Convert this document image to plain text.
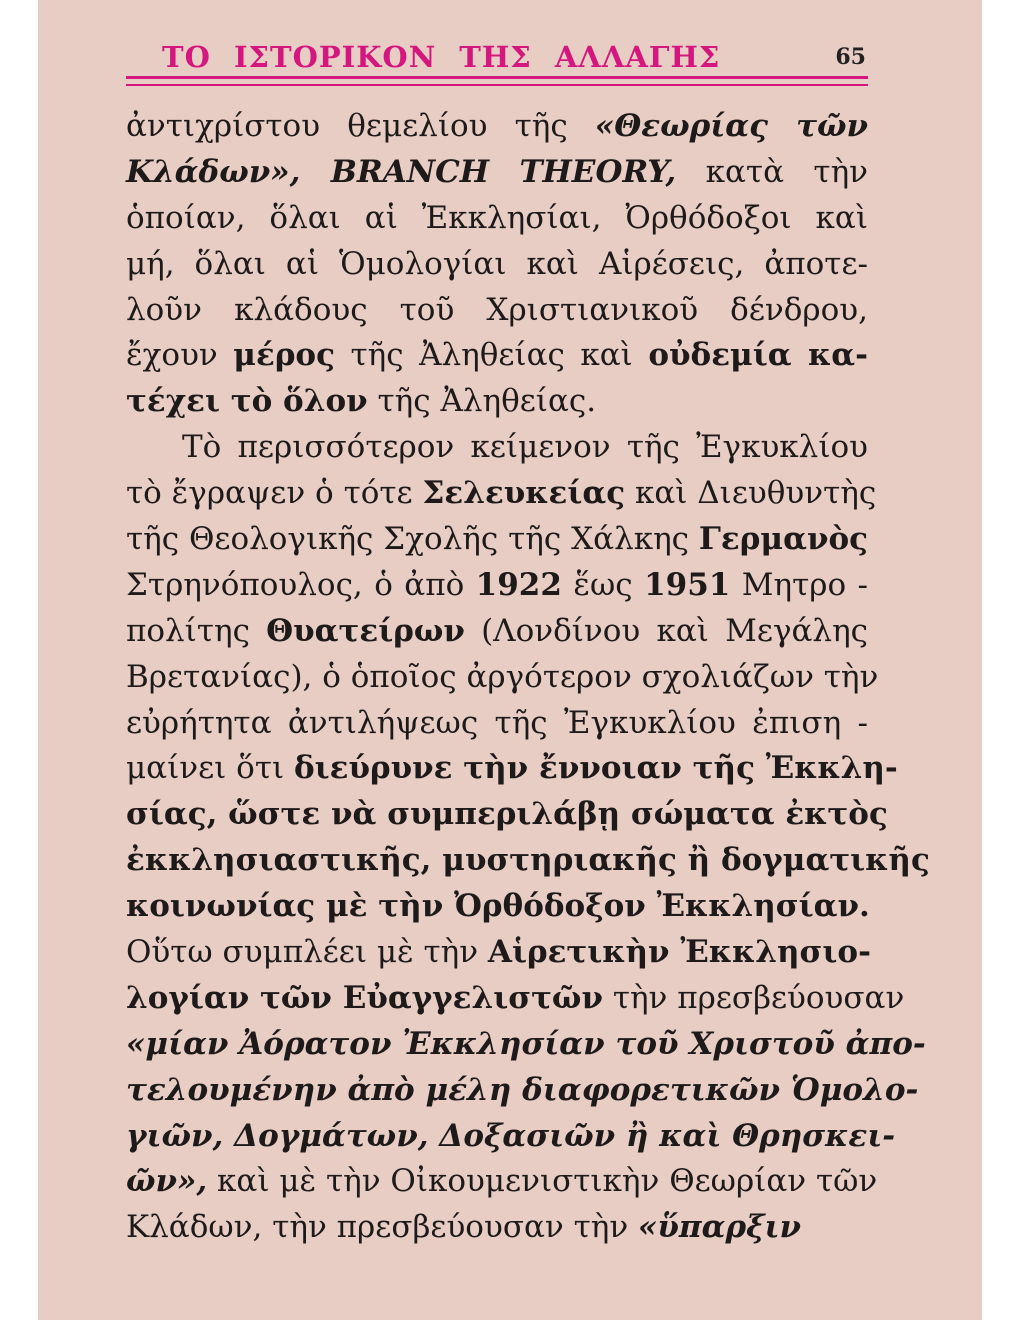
ΤΟ ΙΣΤΟΡΙΚΟΝ ΤΗΣ ΑΛΛΑΓΗΣ	65
ἀντιχρίστου θεμελίου τῆς «Θεωρίας τῶν
Κλάδων», BRANCH THEORY, κατὰ τὴν
ὁποίαν, ὅλαι αἱ Ἐκκλησίαι, Ὀρθόδοξοι καὶ
μή, ὅλαι αἱ Ὁμολογίαι καὶ Αἱρέσεις, ἀποτε-
λοῦν κλάδους τοῦ Χριστιανικοῦ δένδρου,
ἔχουν μέρος τῆς Ἀληθείας καὶ οὐδεμία κα-
τέχει τὸ ὅλον τῆς Ἀληθείας.
Τὸ περισσότερον κείμενον τῆς Ἐγκυκλίου
τὸ ἔγραψεν ὁ τότε Σελευκείας καὶ Διευθυντὴς
τῆς Θεολογικῆς Σχολῆς τῆς Χάλκης Γερμανὸς
Στρηνόπουλος, ὁ ἀπὸ 1922 ἕως 1951 Μητρο -
πολίτης Θυατείρων (Λονδίνου καὶ Μεγάλης
Βρετανίας), ὁ ὁποῖος ἀργότερον σχολιάζων τὴν
εὐρήτητα ἀντιλήψεως τῆς Ἐγκυκλίου ἐπιση -
μαίνει ὅτι διεύρυνε τὴν ἔννοιαν τῆς Ἐκκλη-
σίας, ὥστε νὰ συμπεριλάβῃ σώματα ἐκτὸς
ἐκκλησιαστικῆς, μυστηριακῆς ἢ δογματικῆς
κοινωνίας μὲ τὴν Ὀρθόδοξον Ἐκκλησίαν.
Οὕτω συμπλέει μὲ τὴν Αἱρετικὴν Ἐκκλησιο-
λογίαν τῶν Εὐαγγελιστῶν τὴν πρεσβεύουσαν
«μίαν Ἀόρατον Ἐκκλησίαν τοῦ Χριστοῦ ἀπο-
τελουμένην ἀπὸ μέλη διαφορετικῶν Ὁμολο-
γιῶν, Δογμάτων, Δοξασιῶν ἢ καὶ Θρησκει-
ῶν», καὶ μὲ τὴν Οἰκουμενιστικὴν Θεωρίαν τῶν
Κλάδων, τὴν πρεσβεύουσαν τὴν «ὕπαρξιν
